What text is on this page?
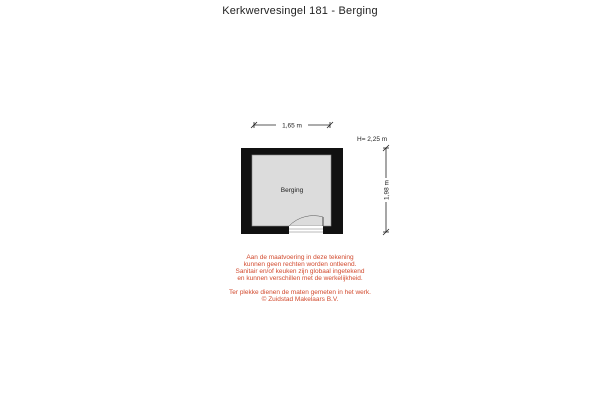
Kerkwervesingel 181 - Berging
1,65 m
H= 2,25 m
1,98 m
Berging
Aan de maatvoering in deze tekening
kunnen geen rechten worden ontleend.
Sanitair en/of keuken zijn globaal ingetekend
en kunnen verschillen met de werkelijkheid.
Ter plekke dienen de maten gemeten in het werk.
© Zuidstad Makelaars B.V.
